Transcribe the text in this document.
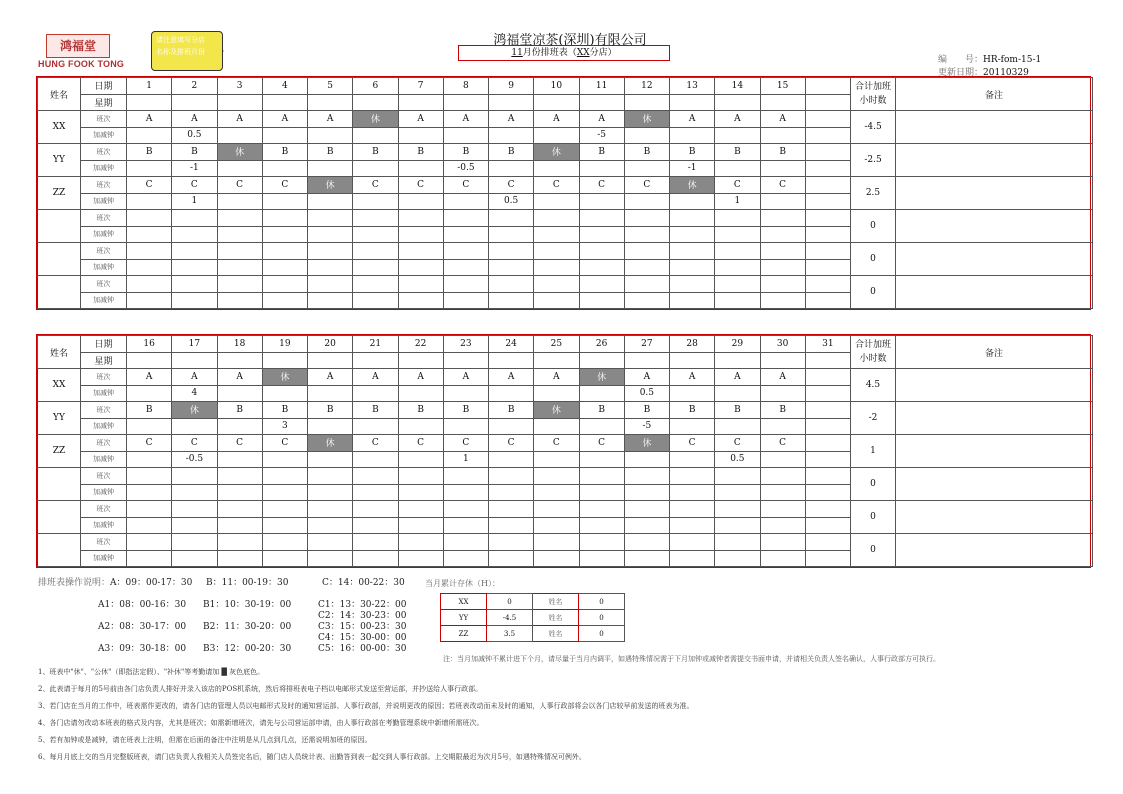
鸿福堂
HUNG FOOK TONG
请注意填写分店
名称及排班月份
鸿福堂凉茶(深圳)有限公司
11月份排班表（XX分店）
编　　号：HR-fom-15-1
更新日期：20110329
姓名	日期	1	2	3	4	5	6	7	8	9	10	11	12	13	14	15		合计加班小时数	备注
	星期																		
XX	班次	A	A	A	A	A	休	A	A	A	A	A	休	A	A	A		-4.5	
	加减钟		0.5									-5							
YY	班次	B	B	休	B	B	B	B	B	B	休	B	B	B	B	B		-2.5	
	加减钟		-1						-0.5					-1					
ZZ	班次	C	C	C	C	休	C	C	C	C	C	C	C	休	C	C		2.5	
	加减钟		1							0.5					1				
	班次																	0	
	加减钟																		
	班次																	0	
	加减钟																		
	班次																	0	
	加减钟																		
姓名	日期	16	17	18	19	20	21	22	23	24	25	26	27	28	29	30	31	合计加班小时数	备注
	星期																		
XX	班次	A	A	A	休	A	A	A	A	A	A	休	A	A	A	A		4.5	
	加减钟		4										0.5						
YY	班次	B	休	B	B	B	B	B	B	B	休	B	B	B	B	B		-2	
	加减钟				3								-5						
ZZ	班次	C	C	C	C	休	C	C	C	C	C	C	休	C	C	C		1	
	加减钟		-0.5						1						0.5				
	班次																	0	
	加减钟																		
	班次																	0	
	加减钟																		
	班次																	0	
	加减钟																		
排班表操作说明：A：09：00-17：30 B：11：00-19：30	C：14：00-22：30	当月累计存休（H）：
A1：08：00-16：30 B1：10：30-19：00	C1：13：30-22：00
C2：14：30-23：00
A2：08：30-17：00 B2：11：30-20：00	C3：15：00-23：30
C4：15：30-00：00
A3：09：30-18：00 B3：12：00-20：30	C5：16：00-00：30
XX	0	姓名	0
YY	-4.5	姓名	0
ZZ	3.5	姓名	0
注：当月加减钟不累计进下个月，请尽量于当月内调平，如遇特殊情况需于下月加钟或减钟者需提交书面申请，并请相关负责人签名确认，人事行政部方可执行。
1、班表中"休"、"公休"（即指法定假）、"补休"等考勤请加 █ 灰色底色。
2、此表请于每月的5号前由各门店负责人排好并录入该店的POS机系统，然后将排班表电子档以电邮形式发送至营运部，并抄送给人事行政部。
3、若门店在当月的工作中，班表需作更改的，请各门店的管理人员以电邮形式及时的通知营运部、人事行政部，并说明更改的原因；若班表改动而未及时的通知，人事行政部将会以各门店较早前发送的班表为准。
4、各门店请勿改动本班表的格式及内容，尤其是班次；如需新增班次，请先与公司营运部申请，由人事行政部在考勤管理系统中新增所需班次。
5、若有加钟或是减钟，请在班表上注明，但需在后面的备注中注明是从几点到几点，还需说明加班的原因。
6、每月月底上交的当月完整版班表，请门店负责人我相关人员签完名后，随门店人员统计表、出勤答到表一起交到人事行政部。上交期限最迟为次月5号，如遇特殊情况可例外。
